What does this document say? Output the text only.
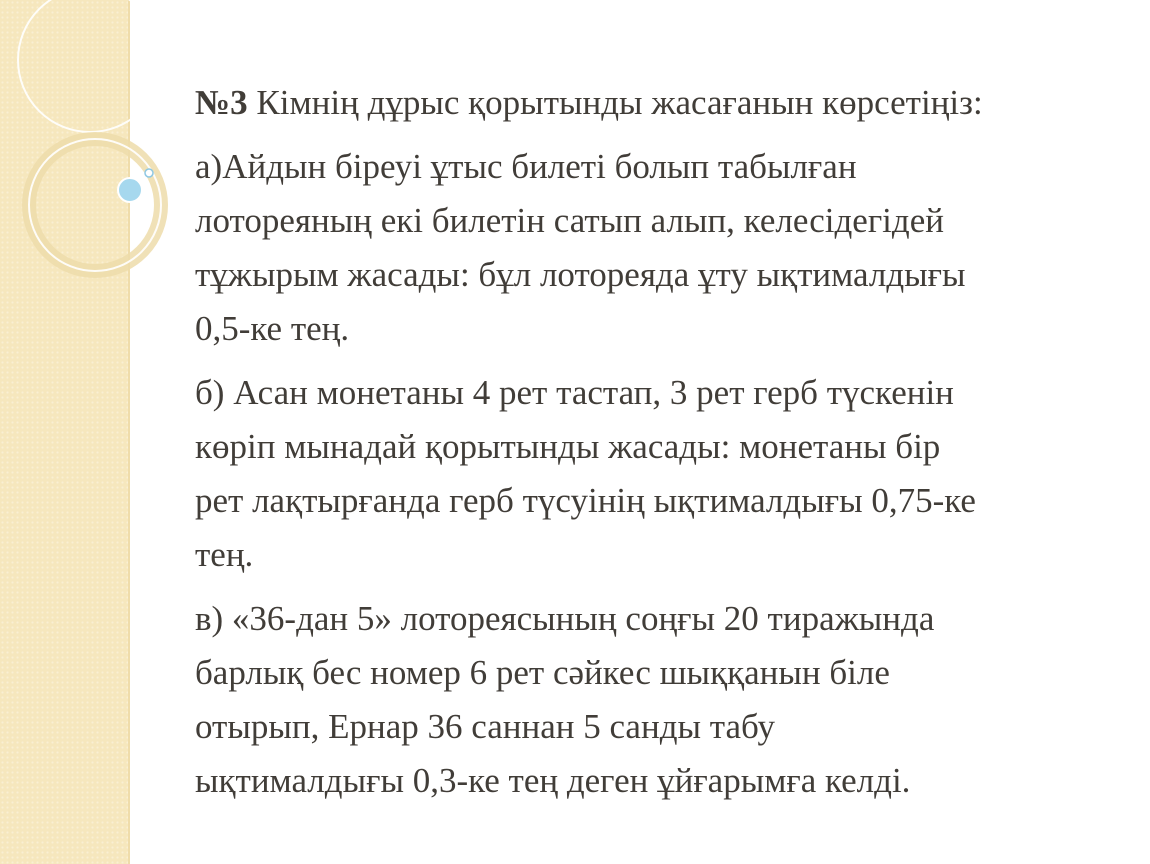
№3 Кімнің дұрыс қорытынды жасағанын көрсетіңіз:

а)Айдын біреуі ұтыс билеті болып табылған
лотореяның екі билетін сатып алып, келесідегідей
тұжырым жасады: бұл лотореяда ұту ықтималдығы
0,5-ке тең.

б) Асан монетаны 4 рет тастап, 3 рет герб түскенін
көріп мынадай қорытынды жасады: монетаны бір
рет лақтырғанда герб түсуінің ықтималдығы 0,75-ке
тең.

в) «36-дан 5» лотореясының соңғы 20 тиражында
барлық бес номер 6 рет сәйкес шыққанын біле
отырып, Ернар 36 саннан 5 санды табу
ықтималдығы 0,3-ке тең деген ұйғарымға келді.
